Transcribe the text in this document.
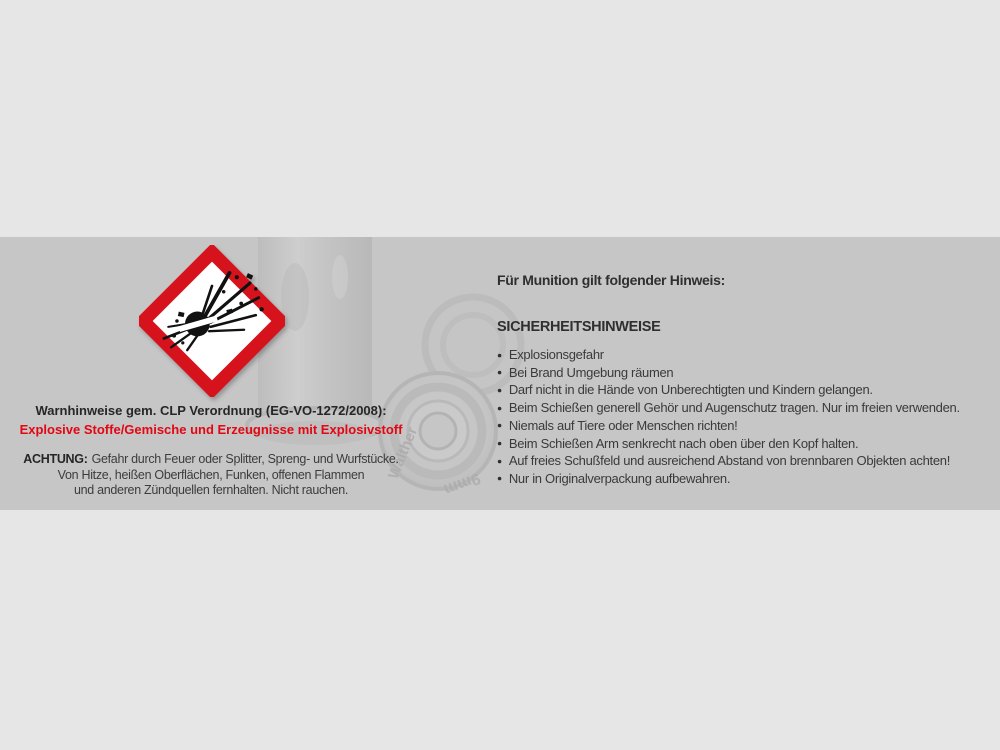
Walther
9mm
Warnhinweise gem. CLP Verordnung (EG-VO-1272/2008):
Explosive Stoffe/Gemische und Erzeugnisse mit Explosivstoff
ACHTUNG: Gefahr durch Feuer oder Splitter, Spreng- und Wurfstücke.
Von Hitze, heißen Oberflächen, Funken, offenen Flammen
und anderen Zündquellen fernhalten. Nicht rauchen.
Für Munition gilt folgender Hinweis:
SICHERHEITSHINWEISE
● Explosionsgefahr
● Bei Brand Umgebung räumen
● Darf nicht in die Hände von Unberechtigten und Kindern gelangen.
● Beim Schießen generell Gehör und Augenschutz tragen. Nur im freien verwenden.
● Niemals auf Tiere oder Menschen richten!
● Beim Schießen Arm senkrecht nach oben über den Kopf halten.
● Auf freies Schußfeld und ausreichend Abstand von brennbaren Objekten achten!
● Nur in Originalverpackung aufbewahren.
